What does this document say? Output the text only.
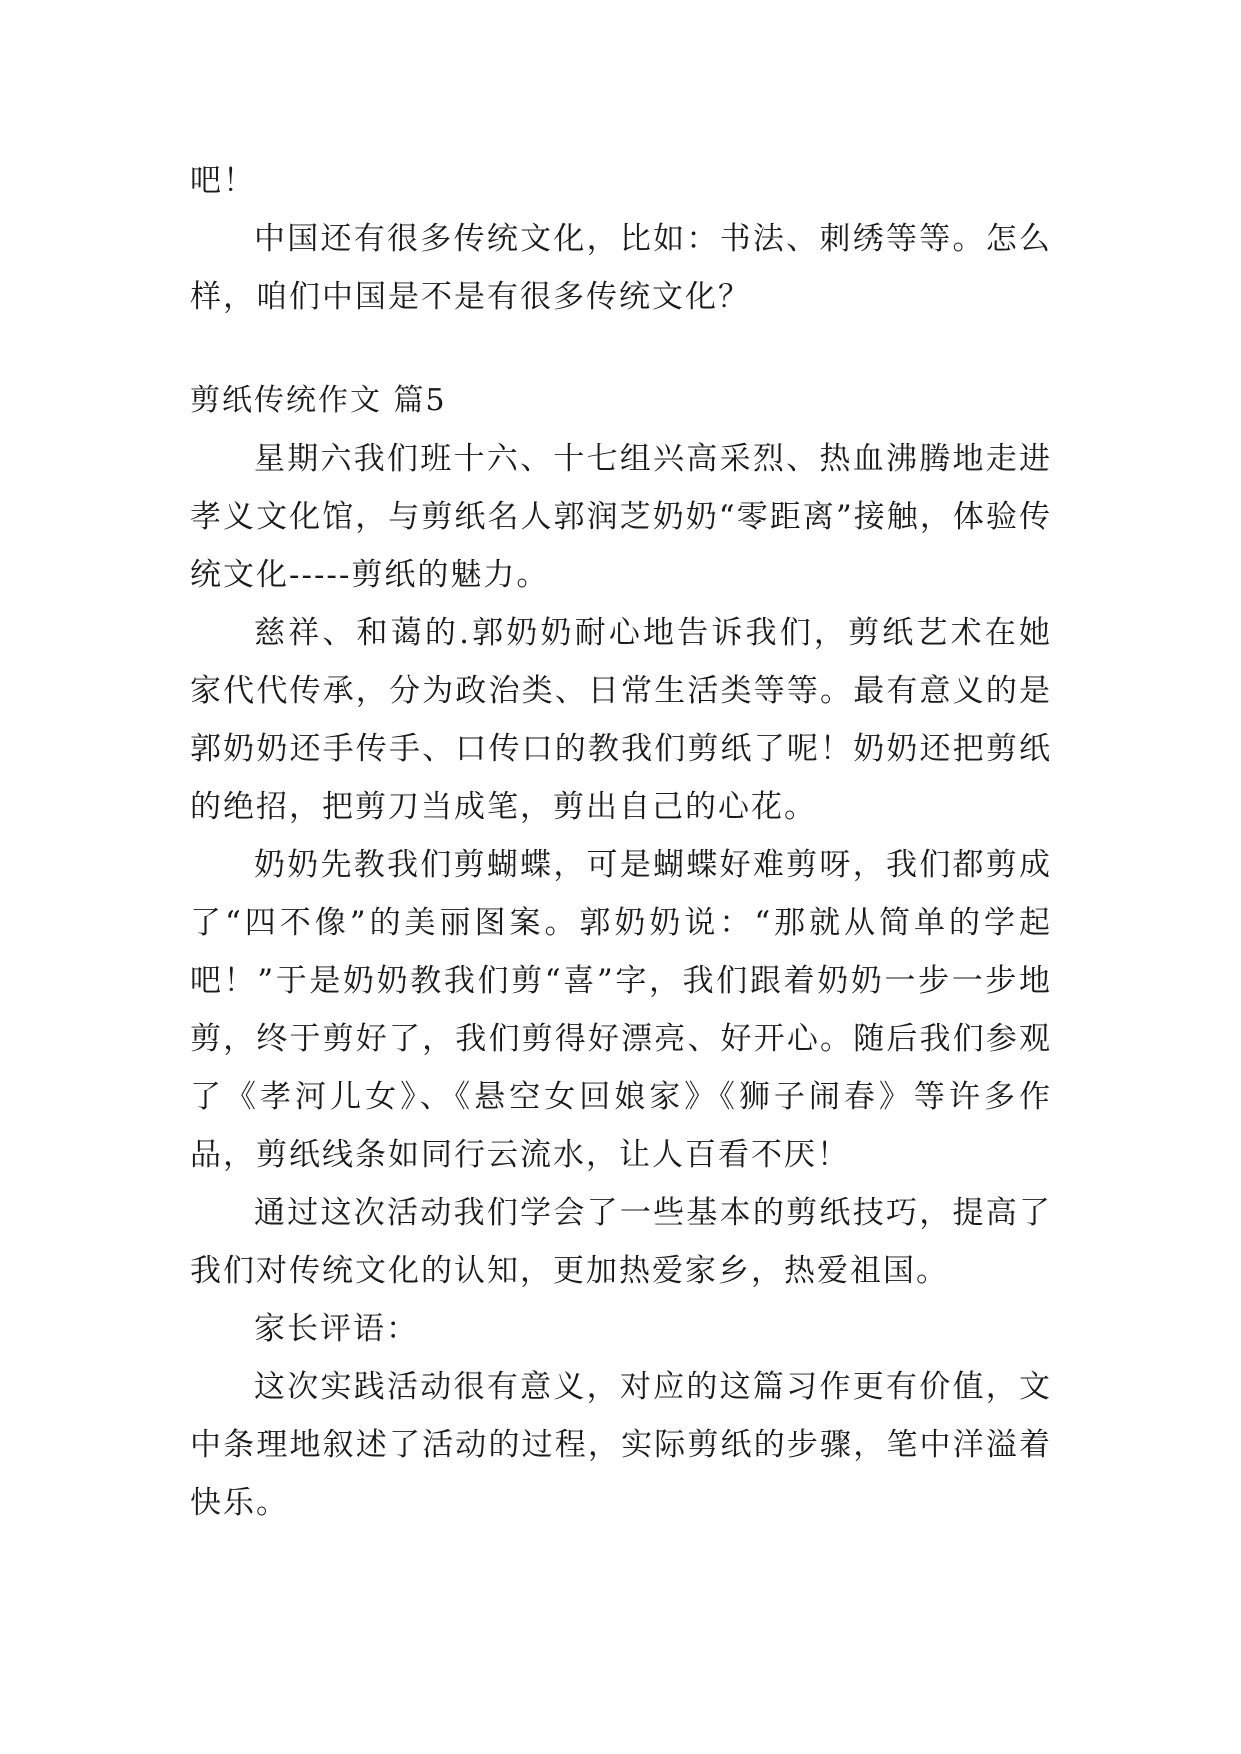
吧！

中国还有很多传统文化，比如：书法、刺绣等等。怎么样，咱们中国是不是有很多传统文化？

剪纸传统作文 篇5

星期六我们班十六、十七组兴高采烈、热血沸腾地走进孝义文化馆，与剪纸名人郭润芝奶奶“零距离”接触，体验传统文化-----剪纸的魅力。

慈祥、和蔼的.郭奶奶耐心地告诉我们，剪纸艺术在她家代代传承，分为政治类、日常生活类等等。最有意义的是郭奶奶还手传手、口传口的教我们剪纸了呢！奶奶还把剪纸的绝招，把剪刀当成笔，剪出自己的心花。

奶奶先教我们剪蝴蝶，可是蝴蝶好难剪呀，我们都剪成了“四不像”的美丽图案。郭奶奶说：“那就从简单的学起吧！”于是奶奶教我们剪“喜”字，我们跟着奶奶一步一步地剪，终于剪好了，我们剪得好漂亮、好开心。随后我们参观了《孝河儿女》、《悬空女回娘家》《狮子闹春》等许多作品，剪纸线条如同行云流水，让人百看不厌！

通过这次活动我们学会了一些基本的剪纸技巧，提高了我们对传统文化的认知，更加热爱家乡，热爱祖国。

家长评语：

这次实践活动很有意义，对应的这篇习作更有价值，文中条理地叙述了活动的过程，实际剪纸的步骤，笔中洋溢着快乐。
